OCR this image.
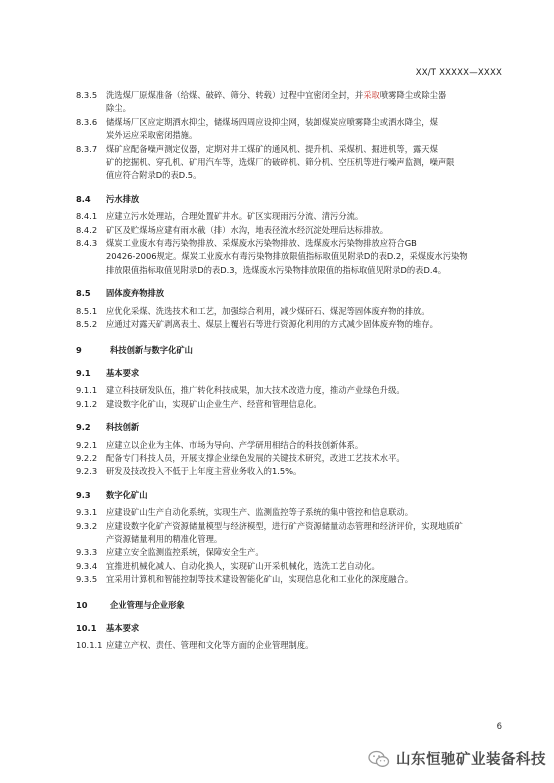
XX/T XXXXX—XXXX
8.3.5	洗选煤厂原煤准备（给煤、破碎、筛分、转载）过程中宜密闭全封，并采取喷雾降尘或除尘器
除尘。
8.3.6	储煤场厂区应定期洒水抑尘，储煤场四周应设抑尘网，装卸煤炭应喷雾降尘或洒水降尘，煤
炭外运应采取密闭措施。
8.3.7	煤矿应配备噪声测定仪器，定期对井工煤矿的通风机、提升机、采煤机、掘进机等，露天煤
矿的挖掘机、穿孔机、矿用汽车等，选煤厂的破碎机、筛分机、空压机等进行噪声监测，噪声限
值应符合附录D的表D.5。
8.4	污水排放
8.4.1	应建立污水处理站，合理处置矿井水。矿区实现雨污分流、清污分流。
8.4.2	矿区及贮煤场应建有雨水截（排）水沟，地表径流水经沉淀处理后达标排放。
8.4.3	煤炭工业废水有毒污染物排放、采煤废水污染物排放、选煤废水污染物排放应符合GB
20426-2006规定。煤炭工业废水有毒污染物排放限值指标取值见附录D的表D.2，采煤废水污染物
排放限值指标取值见附录D的表D.3，选煤废水污染物排放限值的指标取值见附录D的表D.4。
8.5	固体废弃物排放
8.5.1	应优化采煤、洗选技术和工艺，加强综合利用，减少煤矸石、煤泥等固体废弃物的排放。
8.5.2	应通过对露天矿剥离表土、煤层上覆岩石等进行资源化利用的方式减少固体废弃物的堆存。
9	科技创新与数字化矿山
9.1	基本要求
9.1.1	建立科技研发队伍，推广转化科技成果，加大技术改造力度，推动产业绿色升级。
9.1.2	建设数字化矿山，实现矿山企业生产、经营和管理信息化。
9.2	科技创新
9.2.1	应建立以企业为主体、市场为导向、产学研用相结合的科技创新体系。
9.2.2	配备专门科技人员，开展支撑企业绿色发展的关键技术研究，改进工艺技术水平。
9.2.3	研发及技改投入不低于上年度主营业务收入的1.5%。
9.3	数字化矿山
9.3.1	应建设矿山生产自动化系统，实现生产、监测监控等子系统的集中管控和信息联动。
9.3.2	应建设数字化矿产资源储量模型与经济模型，进行矿产资源储量动态管理和经济评价，实现地质矿
产资源储量利用的精准化管理。
9.3.3	应建立安全监测监控系统，保障安全生产。
9.3.4	宜推进机械化减人、自动化换人，实现矿山开采机械化，选洗工艺自动化。
9.3.5	宜采用计算机和智能控制等技术建设智能化矿山，实现信息化和工业化的深度融合。
10	企业管理与企业形象
10.1	基本要求
10.1.1 应建立产权、责任、管理和文化等方面的企业管理制度。
6
山东恒驰矿业装备科技
